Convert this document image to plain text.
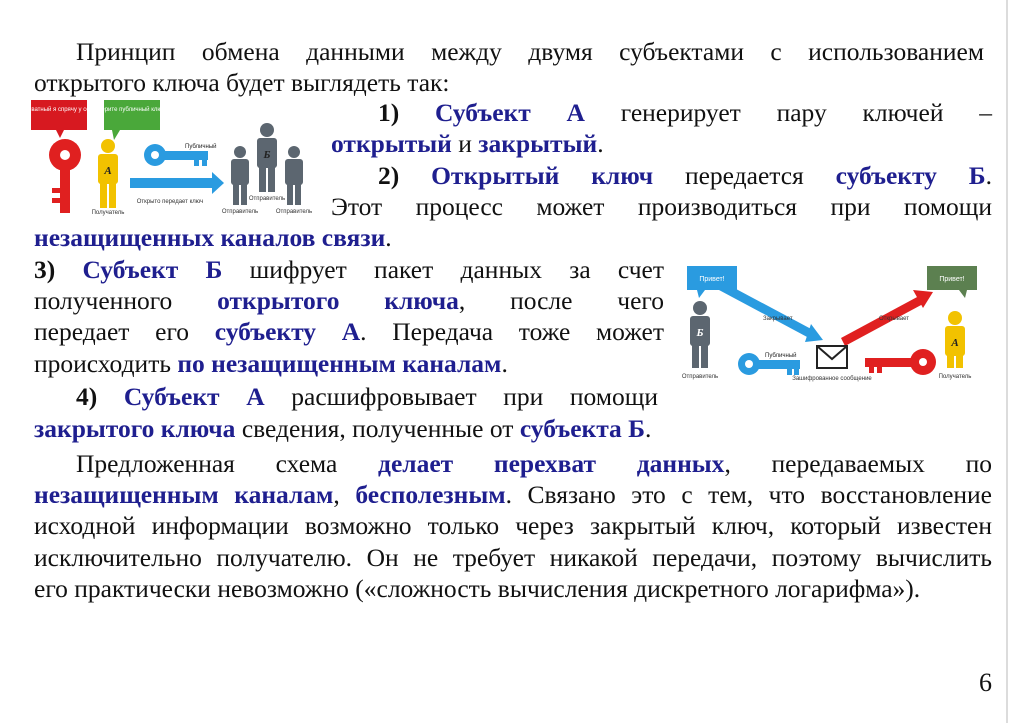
Принцип обмена данными между двумя субъектами с использованием

открытого ключа будет выглядеть так:

Приватный я спрячу у себя! Берите публичный ключ!
А
Получатель
Публичный
Открыто передает ключ
Б
Отправитель
Отправитель
Отправитель

1) Субъект А генерирует пару ключей –

открытый и закрытый.

2) Открытый ключ передается субъекту Б.

Этот процесс может производиться при помощи

незащищенных каналов связи.

3) Субъект Б шифрует пакет данных за счет

полученного открытого ключа, после чего

передает его субъекту А. Передача тоже может

происходить по незащищенным каналам.

Привет!	Привет!
Б
Отправитель
Закрывает	Открывает
Публичный
Зашифрованное сообщение
А
Получатель

4) Субъект А расшифровывает при помощи

закрытого ключа сведения, полученные от субъекта Б.

Предложенная схема делает перехват данных, передаваемых по

незащищенным каналам, бесполезным. Связано это с тем, что восстановление

исходной информации возможно только через закрытый ключ, который известен

исключительно получателю. Он не требует никакой передачи, поэтому вычислить

его практически невозможно («сложность вычисления дискретного логарифма»).

6
